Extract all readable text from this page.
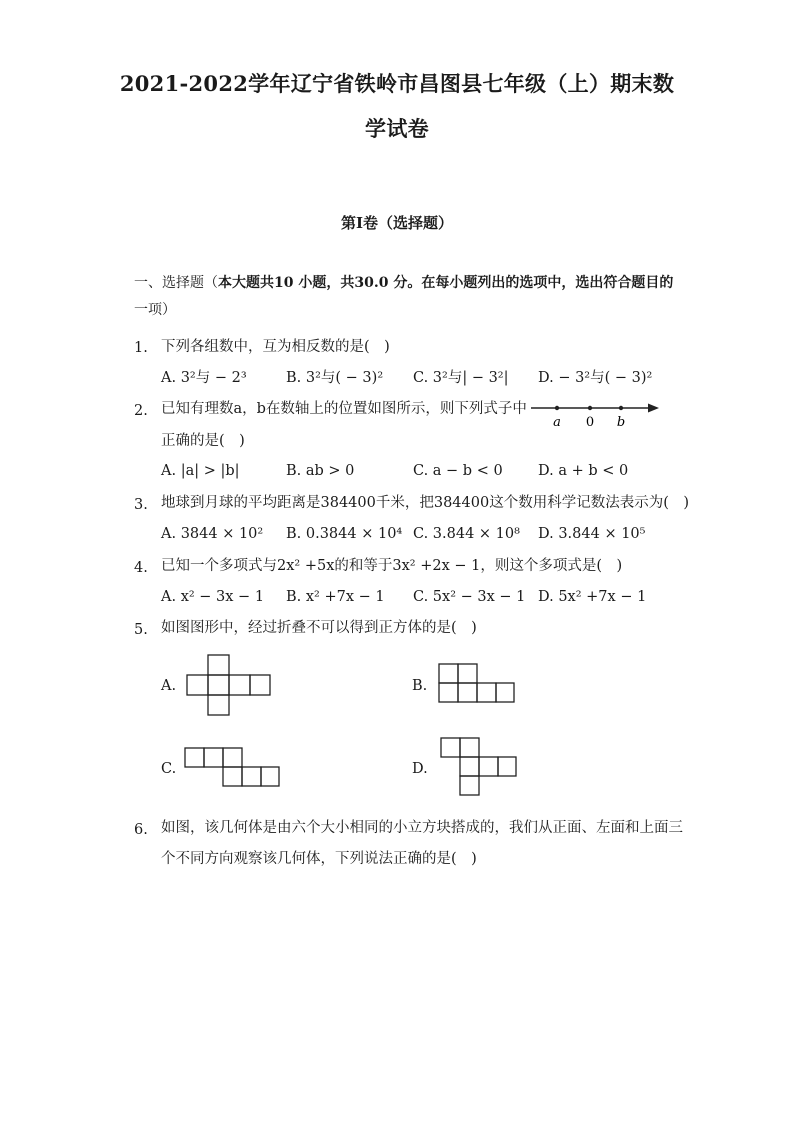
2021-2022学年辽宁省铁岭市昌图县七年级（上）期末数
学试卷
第I卷（选择题）
一、选择题（本大题共10 小题，共30.0 分。在每小题列出的选项中，选出符合题目的
一项）
1. 下列各组数中，互为相反数的是(　)
A. 3²与 − 2³	B. 3²与( − 3)² C. 3²与| − 3²| D. − 3²与( − 3)²
2. 已知有理数a，b在数轴上的位置如图所示，则下列式子中
正确的是(　)
a 0 b
A. |a| > |b|	B. ab > 0	C. a − b < 0 D. a + b < 0
3. 地球到月球的平均距离是384400千米，把384400这个数用科学记数法表示为(　)
A. 3844 × 10² B. 0.3844 × 10⁴ C. 3.844 × 10⁸ D. 3.844 × 10⁵
4. 已知一个多项式与2x² +5x的和等于3x² +2x − 1，则这个多项式是(　)
A. x² − 3x − 1 B. x² +7x − 1 C. 5x² − 3x − 1 D. 5x² +7x − 1
5. 如图图形中，经过折叠不可以得到正方体的是(　)
A.	B.
C.	D.
6. 如图，该几何体是由六个大小相同的小立方块搭成的，我们从正面、左面和上面三
个不同方向观察该几何体，下列说法正确的是(　)
